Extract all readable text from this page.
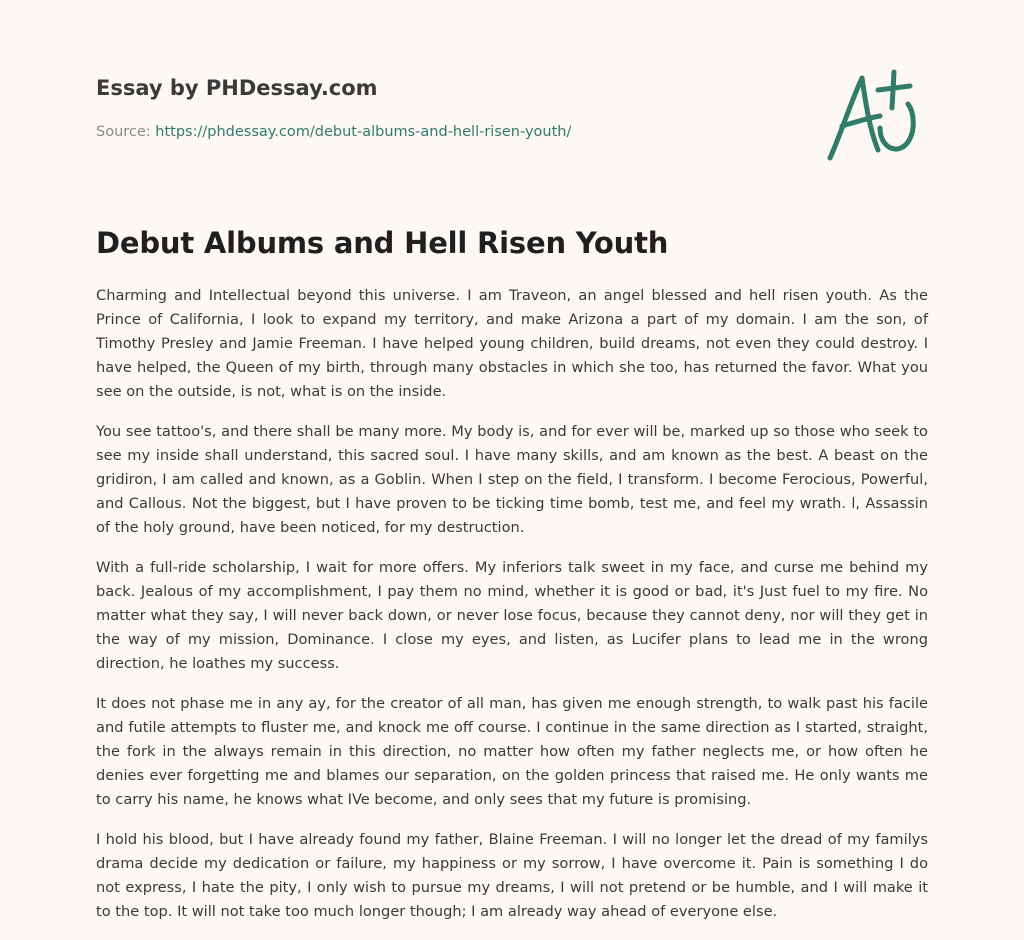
Essay by PHDessay.com

Source: https://phdessay.com/debut-albums-and-hell-risen-youth/

Debut Albums and Hell Risen Youth

Charming and Intellectual beyond this universe. I am Traveon, an angel blessed and hell risen youth. As the Prince of California, I look to expand my territory, and make Arizona a part of my domain. I am the son, of Timothy Presley and Jamie Freeman. I have helped young children, build dreams, not even they could destroy. I have helped, the Queen of my birth, through many obstacles in which she too, has returned the favor. What you see on the outside, is not, what is on the inside.

You see tattoo's, and there shall be many more. My body is, and for ever will be, marked up so those who seek to see my inside shall understand, this sacred soul. I have many skills, and am known as the best. A beast on the gridiron, I am called and known, as a Goblin. When I step on the field, I transform. I become Ferocious, Powerful, and Callous. Not the biggest, but I have proven to be ticking time bomb, test me, and feel my wrath. l, Assassin of the holy ground, have been noticed, for my destruction.

With a full-ride scholarship, I wait for more offers. My inferiors talk sweet in my face, and curse me behind my back. Jealous of my accomplishment, I pay them no mind, whether it is good or bad, it's Just fuel to my fire. No matter what they say, I will never back down, or never lose focus, because they cannot deny, nor will they get in the way of my mission, Dominance. I close my eyes, and listen, as Lucifer plans to lead me in the wrong direction, he loathes my success.

It does not phase me in any ay, for the creator of all man, has given me enough strength, to walk past his facile and futile attempts to fluster me, and knock me off course. I continue in the same direction as I started, straight, the fork in the always remain in this direction, no matter how often my father neglects me, or how often he denies ever forgetting me and blames our separation, on the golden princess that raised me. He only wants me to carry his name, he knows what IVe become, and only sees that my future is promising.

I hold his blood, but I have already found my father, Blaine Freeman. I will no longer let the dread of my familys drama decide my dedication or failure, my happiness or my sorrow, I have overcome it. Pain is something I do not express, I hate the pity, I only wish to pursue my dreams, I will not pretend or be humble, and I will make it to the top. It will not take too much longer though; I am already way ahead of everyone else.
